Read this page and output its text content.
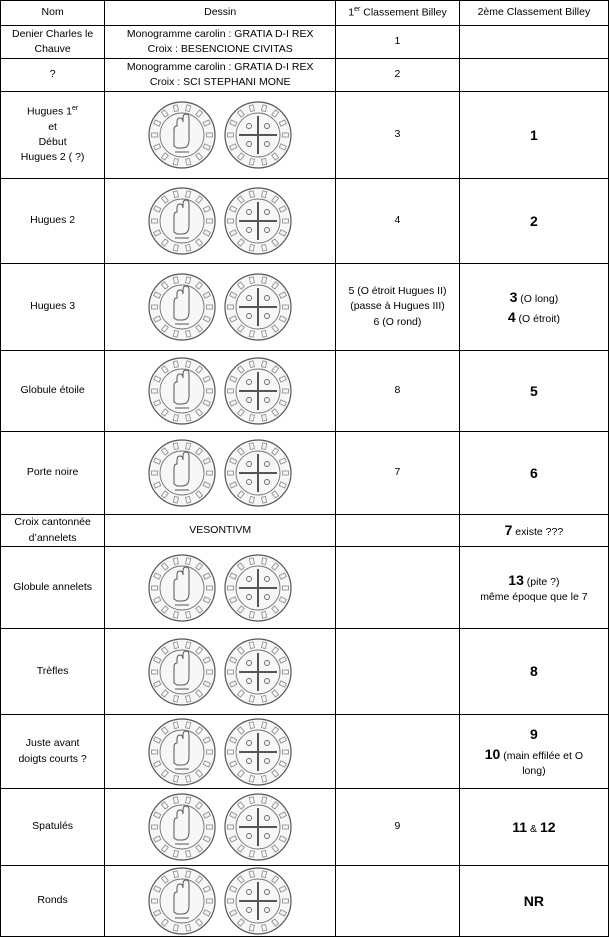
Nom	Dessin	1er Classement Billey	2ème Classement Billey

Denier Charles le Chauve	Monogramme carolin : GRATIA D-I REX
Croix : BESENCIONE CIVITAS	1	

?	Monogramme carolin : GRATIA D-I REX
Croix : SCI STEPHANI MONE	2	

Hugues 1er
et
Début
Hugues 2 ( ?)		3	1

Hugues 2		4	2

Hugues 3		5 (O étroit Hugues II)
(passe à Hugues III)
6 (O rond)	3 (O long)
4 (O étroit)

Globule étoile		8	5

Porte noire		7	6

Croix cantonnée
d’annelets	VESONTIVM		7 existe ???

Globule annelets			13 (pite ?)
même époque que le 7

Trèfles			8

Juste avant
doigts courts ?			9
10 (main effilée et O
long)

Spatulés		9	11 & 12

Ronds			NR
